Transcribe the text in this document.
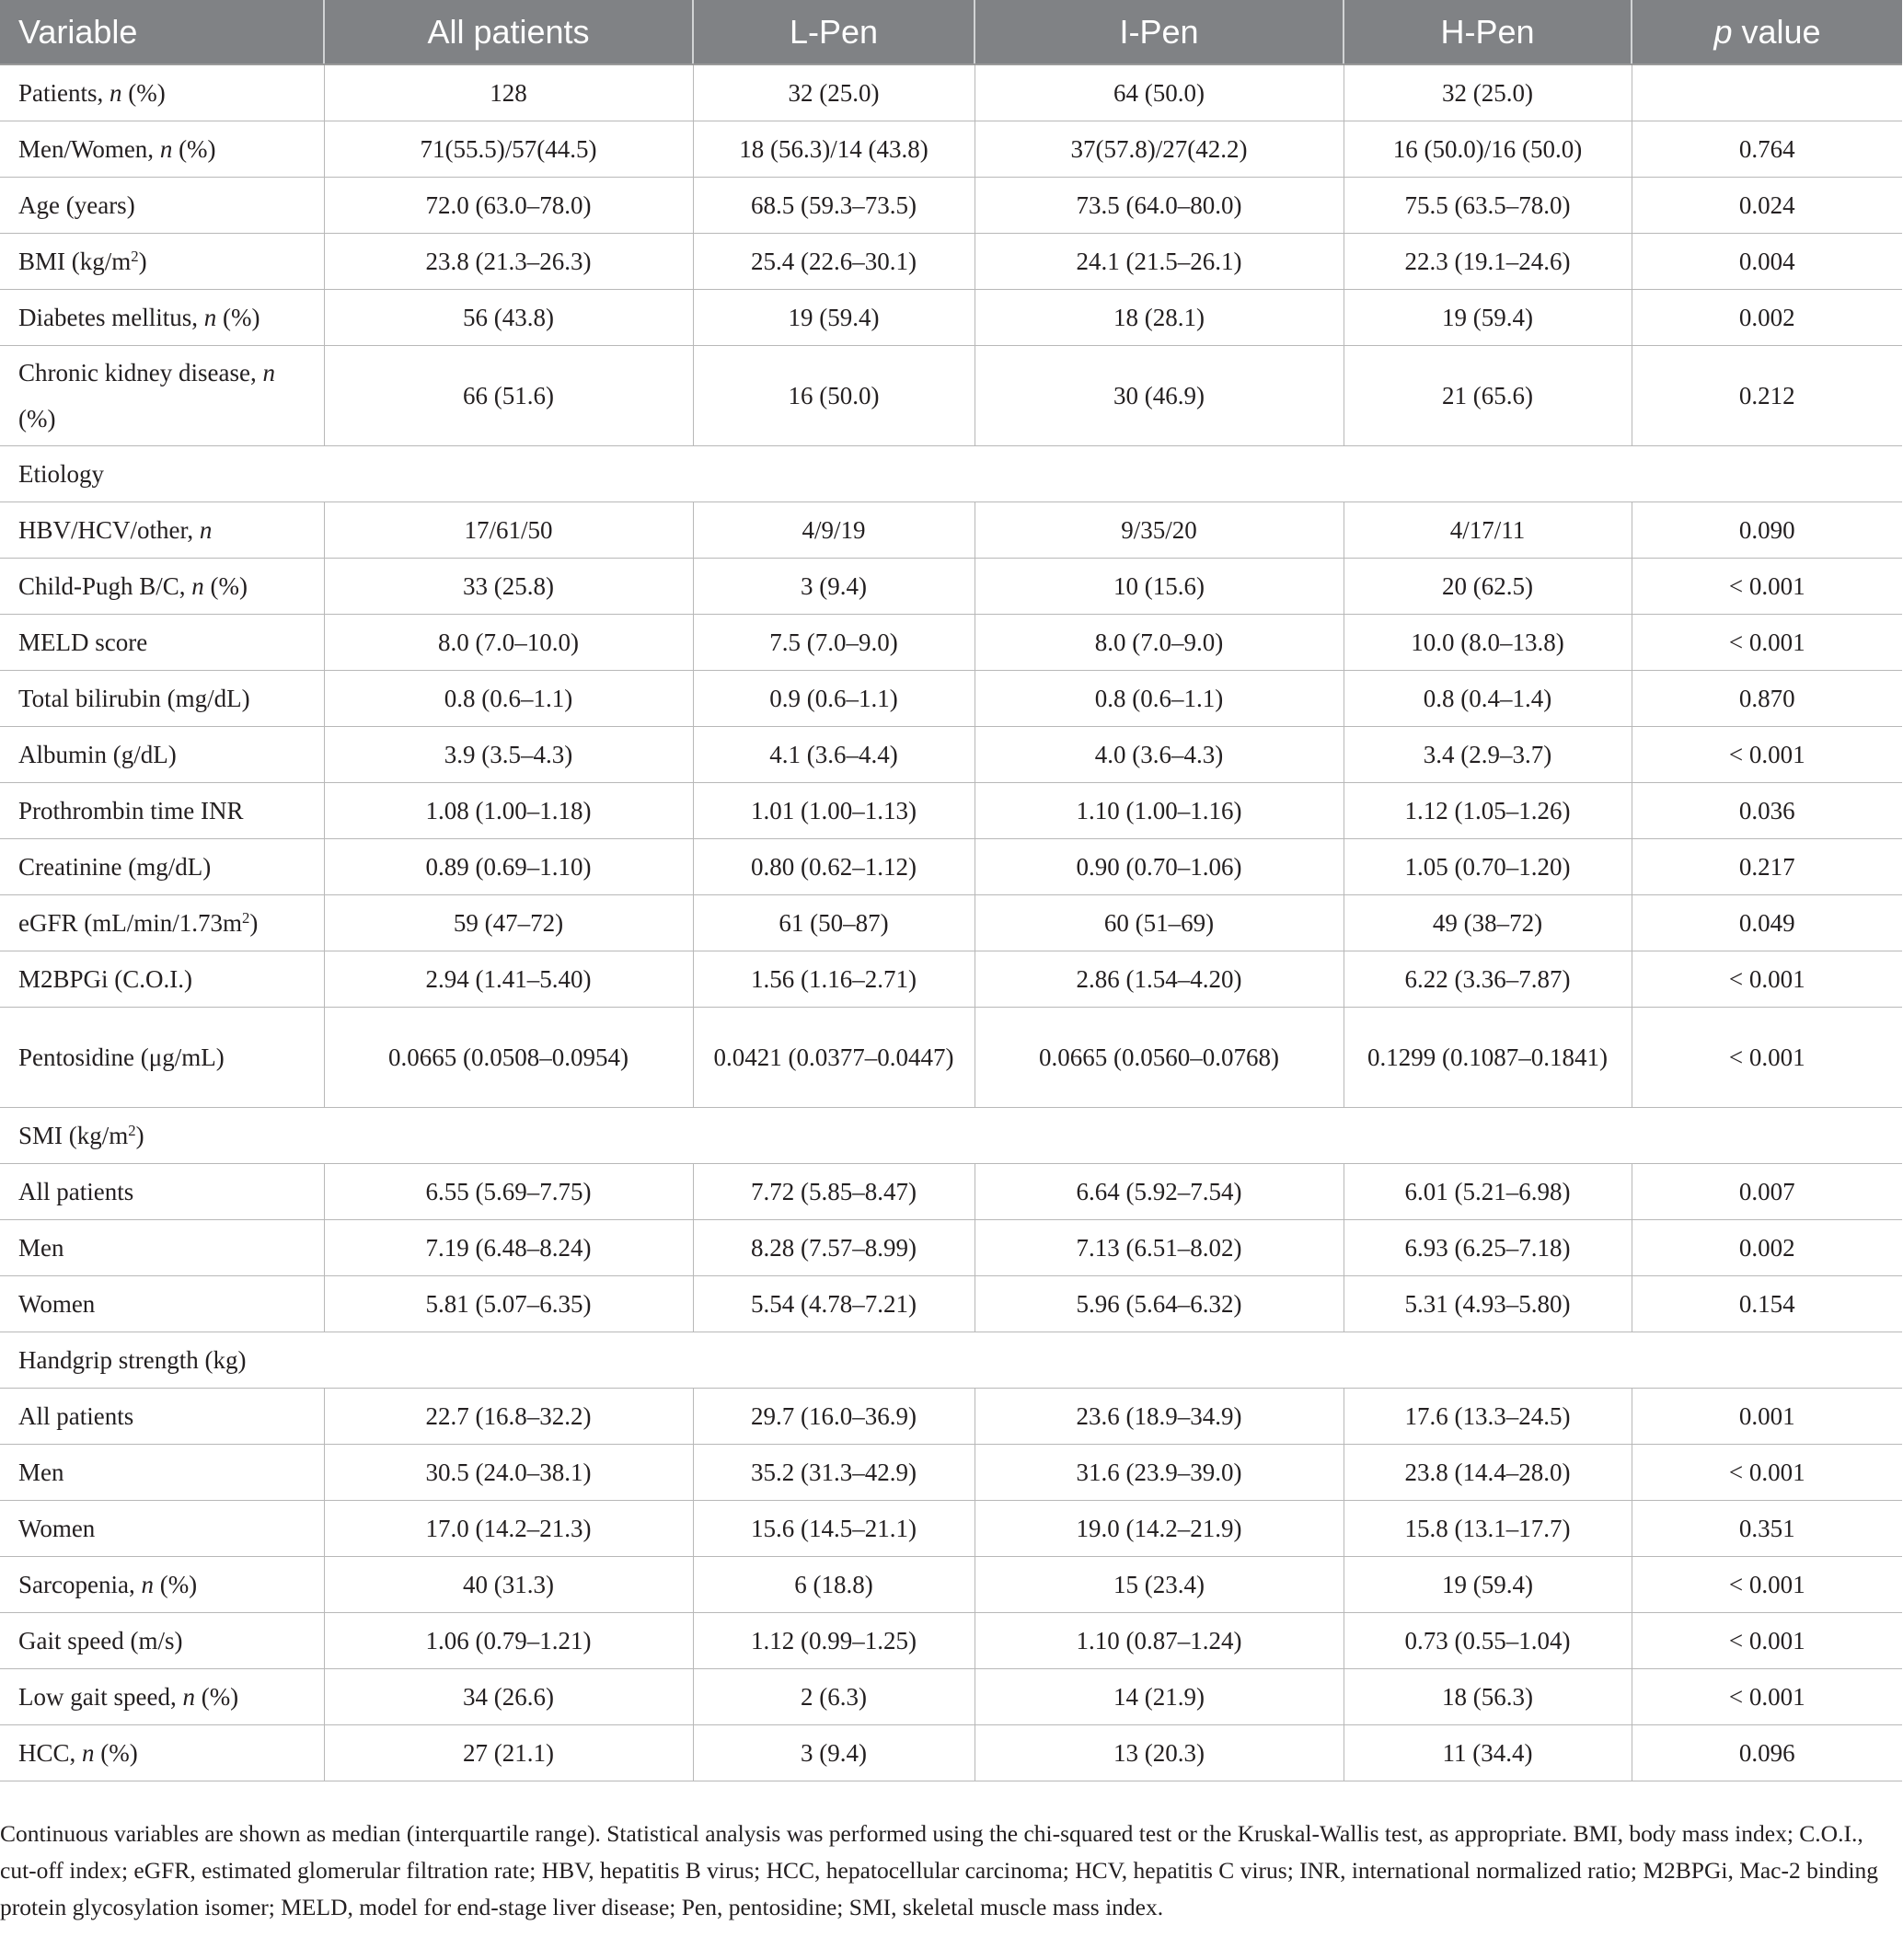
Variable	All patients	L-Pen	I-Pen	H-Pen	p value
Patients, n (%)	128	32 (25.0)	64 (50.0)	32 (25.0)	
Men/Women, n (%)	71(55.5)/57(44.5)	18 (56.3)/14 (43.8)	37(57.8)/27(42.2)	16 (50.0)/16 (50.0)	0.764
Age (years)	72.0 (63.0–78.0)	68.5 (59.3–73.5)	73.5 (64.0–80.0)	75.5 (63.5–78.0)	0.024
BMI $(kg/m^2)$	23.8 (21.3–26.3)	25.4 (22.6–30.1)	24.1 (21.5–26.1)	22.3 (19.1–24.6)	0.004
Diabetes mellitus, n (%)	56 (43.8)	19 (59.4)	18 (28.1)	19 (59.4)	0.002
Chronic kidney disease, n (%)	66 (51.6)	16 (50.0)	30 (46.9)	21 (65.6)	0.212
Etiology					
HBV/HCV/other, n	17/61/50	4/9/19	9/35/20	4/17/11	0.090
Child-Pugh B/C, n (%)	33 (25.8)	3 (9.4)	10 (15.6)	20 (62.5)	< 0.001
MELD score	8.0 (7.0–10.0)	7.5 (7.0–9.0)	8.0 (7.0–9.0)	10.0 (8.0–13.8)	< 0.001
Total bilirubin (mg/dL)	0.8 (0.6–1.1)	0.9 (0.6–1.1)	0.8 (0.6–1.1)	0.8 (0.4–1.4)	0.870
Albumin (g/dL)	3.9 (3.5–4.3)	4.1 (3.6–4.4)	4.0 (3.6–4.3)	3.4 (2.9–3.7)	< 0.001
Prothrombin time INR	1.08 (1.00–1.18)	1.01 (1.00–1.13)	1.10 (1.00–1.16)	1.12 (1.05–1.26)	0.036
Creatinine (mg/dL)	0.89 (0.69–1.10)	0.80 (0.62–1.12)	0.90 (0.70–1.06)	1.05 (0.70–1.20)	0.217
eGFR $(mL/\min/1.73m^2)$	59 (47–72)	61 (50–87)	60 (51–69)	49 (38–72)	0.049
M2BPGi (C.O.I.)	2.94 (1.41–5.40)	1.56 (1.16–2.71)	2.86 (1.54–4.20)	6.22 (3.36–7.87)	< 0.001
Pentosidine (μg/mL)	0.0665 (0.0508–0.0954)	0.0421 (0.0377–0.0447)	0.0665 (0.0560–0.0768)	0.1299 (0.1087–0.1841)	< 0.001
SMI $(kg/m^2)$					
All patients	6.55 (5.69–7.75)	7.72 (5.85–8.47)	6.64 (5.92–7.54)	6.01 (5.21–6.98)	0.007
Men	7.19 (6.48–8.24)	8.28 (7.57–8.99)	7.13 (6.51–8.02)	6.93 (6.25–7.18)	0.002
Women	5.81 (5.07–6.35)	5.54 (4.78–7.21)	5.96 (5.64–6.32)	5.31 (4.93–5.80)	0.154
Handgrip strength (kg)					
All patients	22.7 (16.8–32.2)	29.7 (16.0–36.9)	23.6 (18.9–34.9)	17.6 (13.3–24.5)	0.001
Men	30.5 (24.0–38.1)	35.2 (31.3–42.9)	31.6 (23.9–39.0)	23.8 (14.4–28.0)	< 0.001
Women	17.0 (14.2–21.3)	15.6 (14.5–21.1)	19.0 (14.2–21.9)	15.8 (13.1–17.7)	0.351
Sarcopenia, n (%)	40 (31.3)	6 (18.8)	15 (23.4)	19 (59.4)	< 0.001
Gait speed (m/s)	1.06 (0.79–1.21)	1.12 (0.99–1.25)	1.10 (0.87–1.24)	0.73 (0.55–1.04)	< 0.001
Low gait speed, n (%)	34 (26.6)	2 (6.3)	14 (21.9)	18 (56.3)	< 0.001
HCC, n (%)	27 (21.1)	3 (9.4)	13 (20.3)	11 (34.4)	0.096
Continuous variables are shown as median (interquartile range). Statistical analysis was performed using the chi-squared test or the Kruskal-Wallis test, as appropriate. BMI, body mass index; C.O.I., cut-off index; eGFR, estimated glomerular filtration rate; HBV, hepatitis B virus; HCC, hepatocellular carcinoma; HCV, hepatitis C virus; INR, international normalized ratio; M2BPGi, Mac-2 binding protein glycosylation isomer; MELD, model for end-stage liver disease; Pen, pentosidine; SMI, skeletal muscle mass index.
